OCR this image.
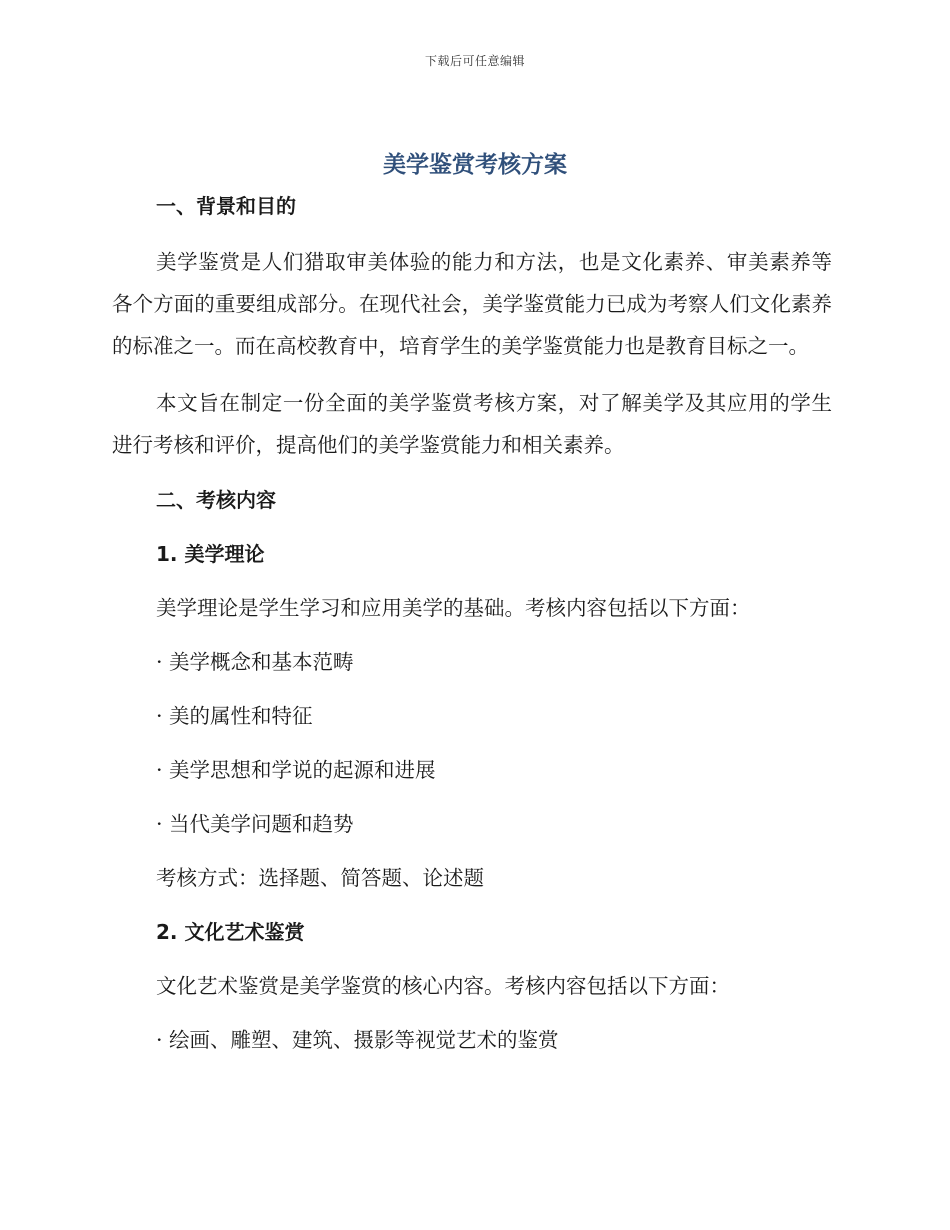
下载后可任意编辑
美学鉴赏考核方案
一、背景和目的

美学鉴赏是人们猎取审美体验的能力和方法，也是文化素养、审美素养等各个方面的重要组成部分。在现代社会，美学鉴赏能力已成为考察人们文化素养的标准之一。而在高校教育中，培育学生的美学鉴赏能力也是教育目标之一。

本文旨在制定一份全面的美学鉴赏考核方案，对了解美学及其应用的学生进行考核和评价，提高他们的美学鉴赏能力和相关素养。

二、考核内容
1. 美学理论
美学理论是学生学习和应用美学的基础。考核内容包括以下方面：
· 美学概念和基本范畴
· 美的属性和特征
· 美学思想和学说的起源和进展
· 当代美学问题和趋势
考核方式：选择题、简答题、论述题
2. 文化艺术鉴赏
文化艺术鉴赏是美学鉴赏的核心内容。考核内容包括以下方面：
· 绘画、雕塑、建筑、摄影等视觉艺术的鉴赏
